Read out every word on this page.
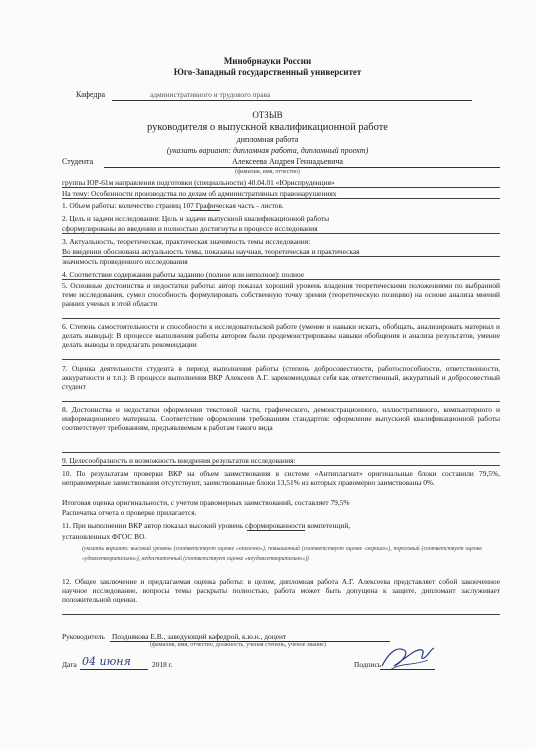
Минобрнауки России
Юго-Западный государственный университет
Кафедра	административного и трудового права
ОТЗЫВ
руководителя о выпускной квалификационной работе
дипломная работа
(указать вариант: дипломная работа, дипломный проект)
Студента	Алексеева Андрея Геннадьевича
(фамилия, имя, отчество)
группы ЮР-61м направления подготовки (специальности) 40.04.01 «Юриспруденция»
На тему: Особенности производства по делам об административных правонарушениях
1. Объем работы: количество страниц 107 Графическая часть - листов.
2. Цель и задачи исследования: Цель и задачи выпускной квалификационной работы
сформулированы во введении и полностью достигнуты в процессе исследования
3. Актуальность, теоретическая, практическая значимость темы исследования:
Во введении обоснована актуальность темы, показаны научная, теоретическая и практическая
значимость проведенного исследования
4. Соответствие содержания работы заданию (полное или неполное): полное
5. Основные достоинства и недостатки работы: автор показал хороший уровень владения теоретическими положениями по выбранной теме исследования, сумел способность формулировать собственную точку зрения (теоретическую позицию) на основе анализа мнений ранних ученых в этой области
6. Степень самостоятельности и способности к исследовательской работе (умение и навыки искать, обобщать, анализировать материал и делать выводы): В процессе выполнения работы автором были продемонстрированы навыки обобщения и анализа результатов, умение делать выводы и предлагать рекомендации
7. Оценка деятельности студента в период выполнения работы (степень добросовестности, работоспособности, ответственности, аккуратности и т.п.): В процессе выполнения ВКР Алексеев А.Г. зарекомендовал себя как ответственный, аккуратный и добросовестный студент
8. Достоинства и недостатки оформления текстовой части, графического, демонстрационного, иллюстративного, компьютерного и информационного материала. Соответствие оформления требованиям стандартов: оформление выпускной квалификационной работы соответствует требованиям, предъявляемым к работам такого вида
9. Целесообразность и возможность внедрения результатов исследования:
10. По результатам проверки ВКР на объем заимствования в системе «Антиплагиат» оригинальные блоки составили 79,5%, неправомерные заимствования отсутствуют, заимствованные блоки 13,51% из которых правомерно заимствованы 0%.
Итоговая оценка оригинальности, с учетом правомерных заимствований, составляет 79,5%
Распечатка отчета о проверке прилагается.
11. При выполнении ВКР автор показал высокий уровень сформированности компетенций,
установленных ФГОС ВО.
(указать вариант: высокий уровень (соответствует оценке «отлично»), повышенный (соответствует оценке «хорошо»), пороговый (соответствует оценке «удовлетворительно»), недостаточный (соответствует оценке «неудовлетворительно»))
12. Общее заключение и предлагаемая оценка работы: в целом, дипломная работа А.Г. Алексеева представляет собой законченное научное исследование, вопросы темы раскрыты полностью, работа может быть допущена к защите, дипломант заслуживает положительной оценки.
Руководитель Позднякова Е.В., заведующий кафедрой, к.ю.н., доцент
(фамилия, имя, отчество, должность, ученая степень, ученое звание)
Дата 04 июня	2018 г.	Подпись
